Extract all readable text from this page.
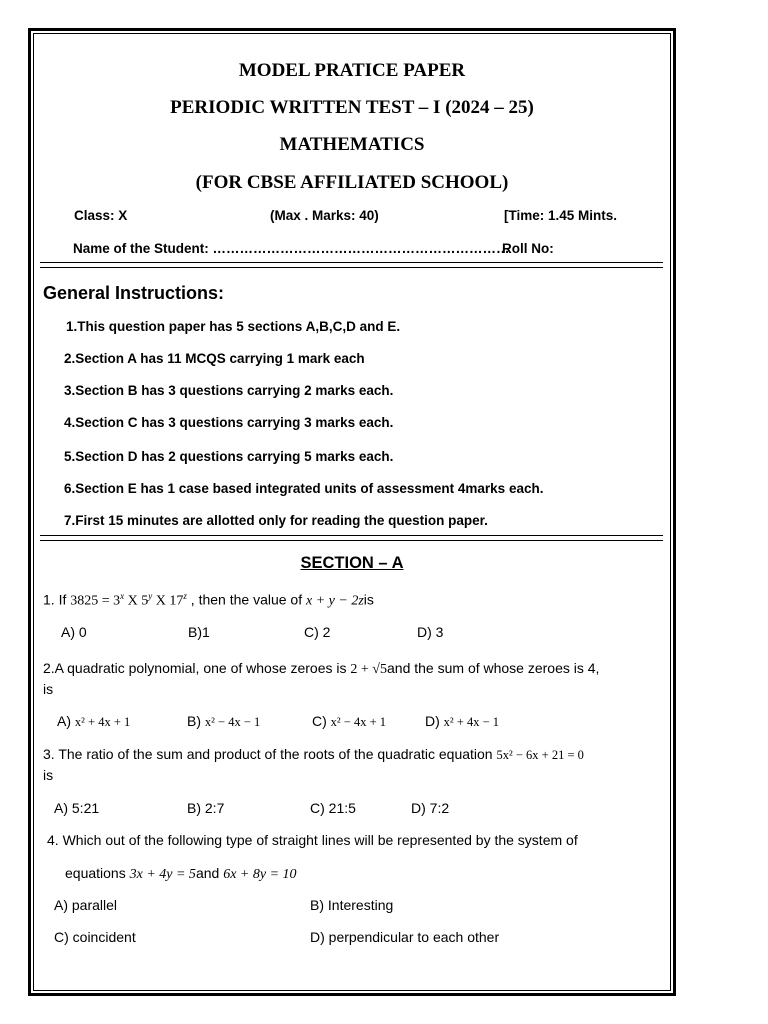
MODEL PRATICE PAPER
PERIODIC WRITTEN TEST – I (2024 – 25)
MATHEMATICS
(FOR CBSE AFFILIATED SCHOOL)
Class: X	(Max . Marks: 40)	[Time: 1.45 Mints.
Name of the Student: …………………………………………………………
Roll No:
General Instructions:
1.This question paper has 5 sections A,B,C,D and E.
2.Section A has 11 MCQS carrying 1 mark each
3.Section B has 3 questions carrying 2 marks each.
4.Section C has 3 questions carrying 3 marks each.
5.Section D has 2 questions carrying 5 marks each.
6.Section E has 1 case based integrated units of assessment 4marks each.
7.First 15 minutes are allotted only for reading the question paper.
SECTION – A
1. If $3825 = 3^x$ X 5$^y$ X 17$^z$ , then the value of x + y − 2zis
A) 0	B)1	C) 2	D) 3
2.A quadratic polynomial, one of whose zeroes is 2 + √5and the sum of whose zeroes is 4,
is
A) x² + 4x + 1	B) x² − 4x − 1	C) x² − 4x + 1	D) x² + 4x − 1
3. The ratio of the sum and product of the roots of the quadratic equation 5x² − 6x + 21 = 0
is
A) 5:21	B) 2:7	C) 21:5	D) 7:2
4. Which out of the following type of straight lines will be represented by the system of
equations 3x + 4y = 5and 6x + 8y = 10
A) parallel	B) Interesting
C) coincident	D) perpendicular to each other
